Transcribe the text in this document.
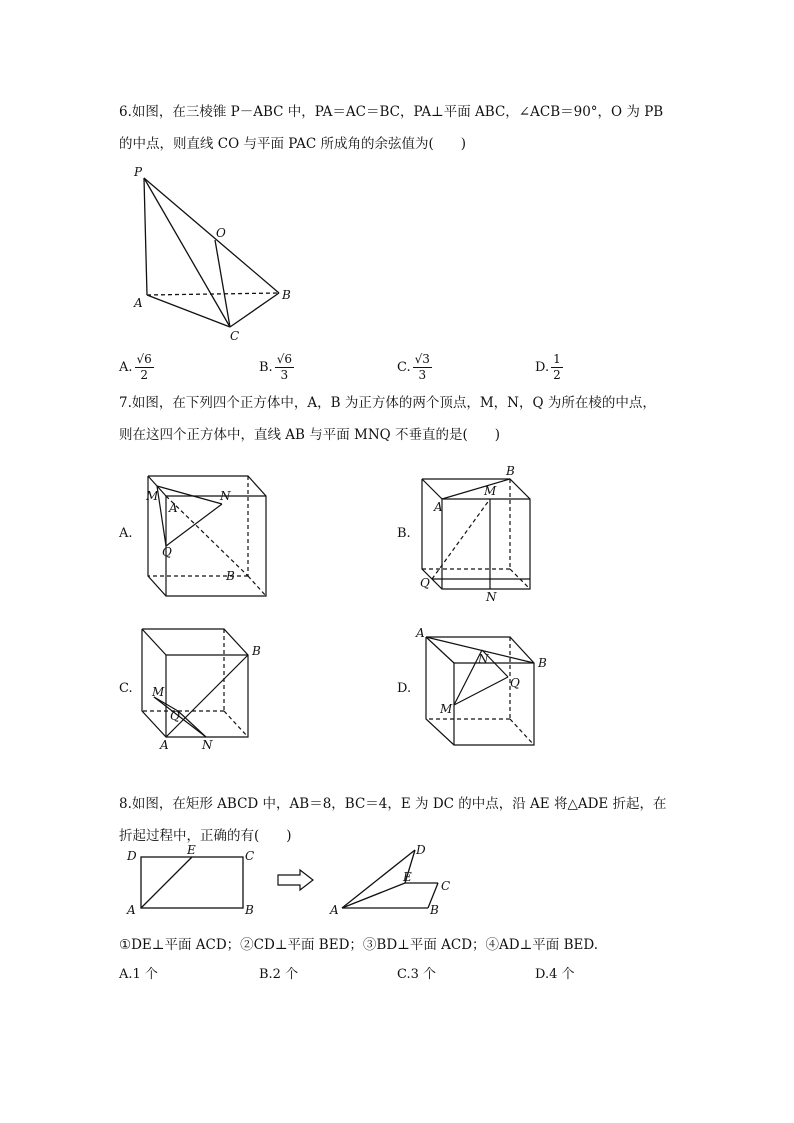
6.如图，在三棱锥 P－ABC 中，PA＝AC＝BC，PA⊥平面 ABC，∠ACB＝90°，O 为 PB
的中点，则直线 CO 与平面 PAC 所成角的余弦值为(　　)
P
O
A
B
C
A. $\frac{√6}{2}$	B. $\frac{√6}{3}$	C. $\frac{√3}{3}$	D. $\frac{1}{2}$
7.如图，在下列四个正方体中，A，B 为正方体的两个顶点，M，N，Q 为所在棱的中点，
则在这四个正方体中，直线 AB 与平面 MNQ 不垂直的是(　　)
A.
M
A
N
Q
B
B.
B
M
A
Q
N
C.
B
M
Q
A	N
D.
A
N	B
Q
M
8.如图，在矩形 ABCD 中，AB＝8，BC＝4，E 为 DC 的中点，沿 AE 将△ADE 折起，在
折起过程中，正确的有(　　)
D	E	C
A	B
D
E
C
A	B
①DE⊥平面 ACD；②CD⊥平面 BED；③BD⊥平面 ACD；④AD⊥平面 BED.
A.1 个	B.2 个	C.3 个	D.4 个
